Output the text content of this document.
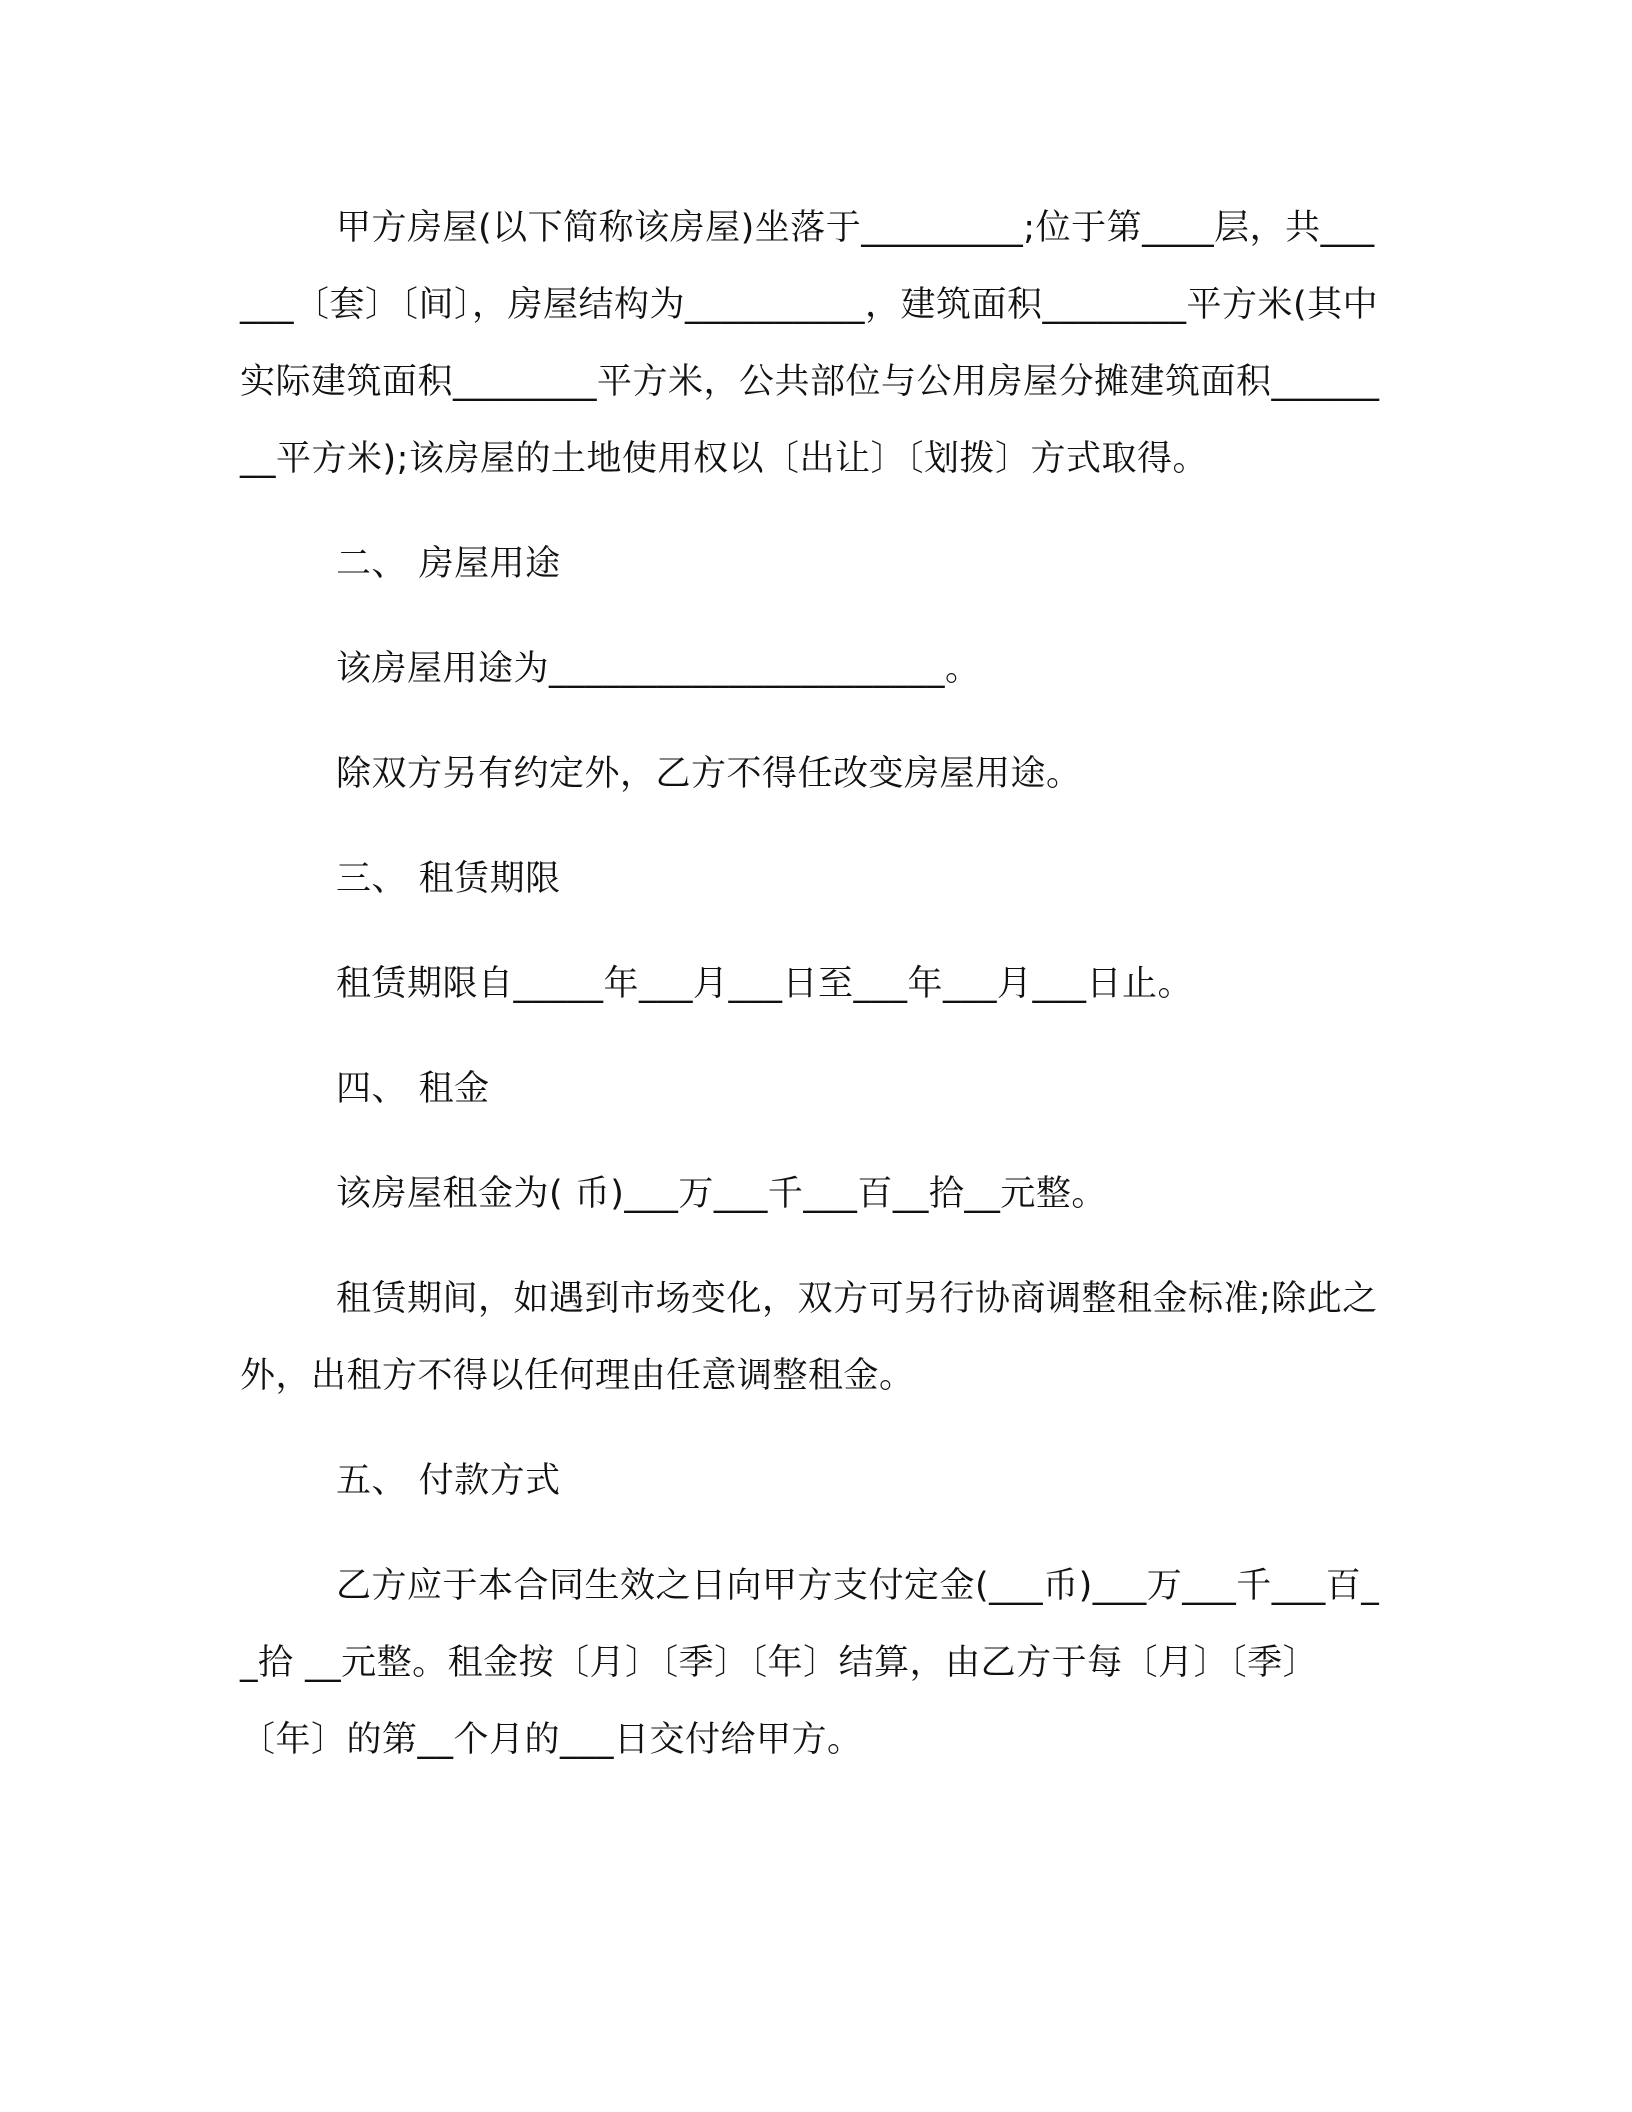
甲方房屋(以下简称该房屋)坐落于_________;位于第____层，共______〔套〕〔间〕，房屋结构为__________，建筑面积________平方米(其中实际建筑面积________平方米，公共部位与公用房屋分摊建筑面积________平方米);该房屋的土地使用权以〔出让〕〔划拨〕方式取得。

二、 房屋用途

该房屋用途为______________________。

除双方另有约定外，乙方不得任改变房屋用途。

三、 租赁期限

租赁期限自_____年___月___日至___年___月___日止。

四、 租金

该房屋租金为( 币)___万___千___百__拾__元整。

租赁期间，如遇到市场变化，双方可另行协商调整租金标准;除此之外，出租方不得以任何理由任意调整租金。

五、 付款方式

乙方应于本合同生效之日向甲方支付定金(___币)___万___千___百__拾 __元整。租金按〔月〕〔季〕〔年〕结算，由乙方于每〔月〕〔季〕〔年〕的第__个月的___日交付给甲方。
